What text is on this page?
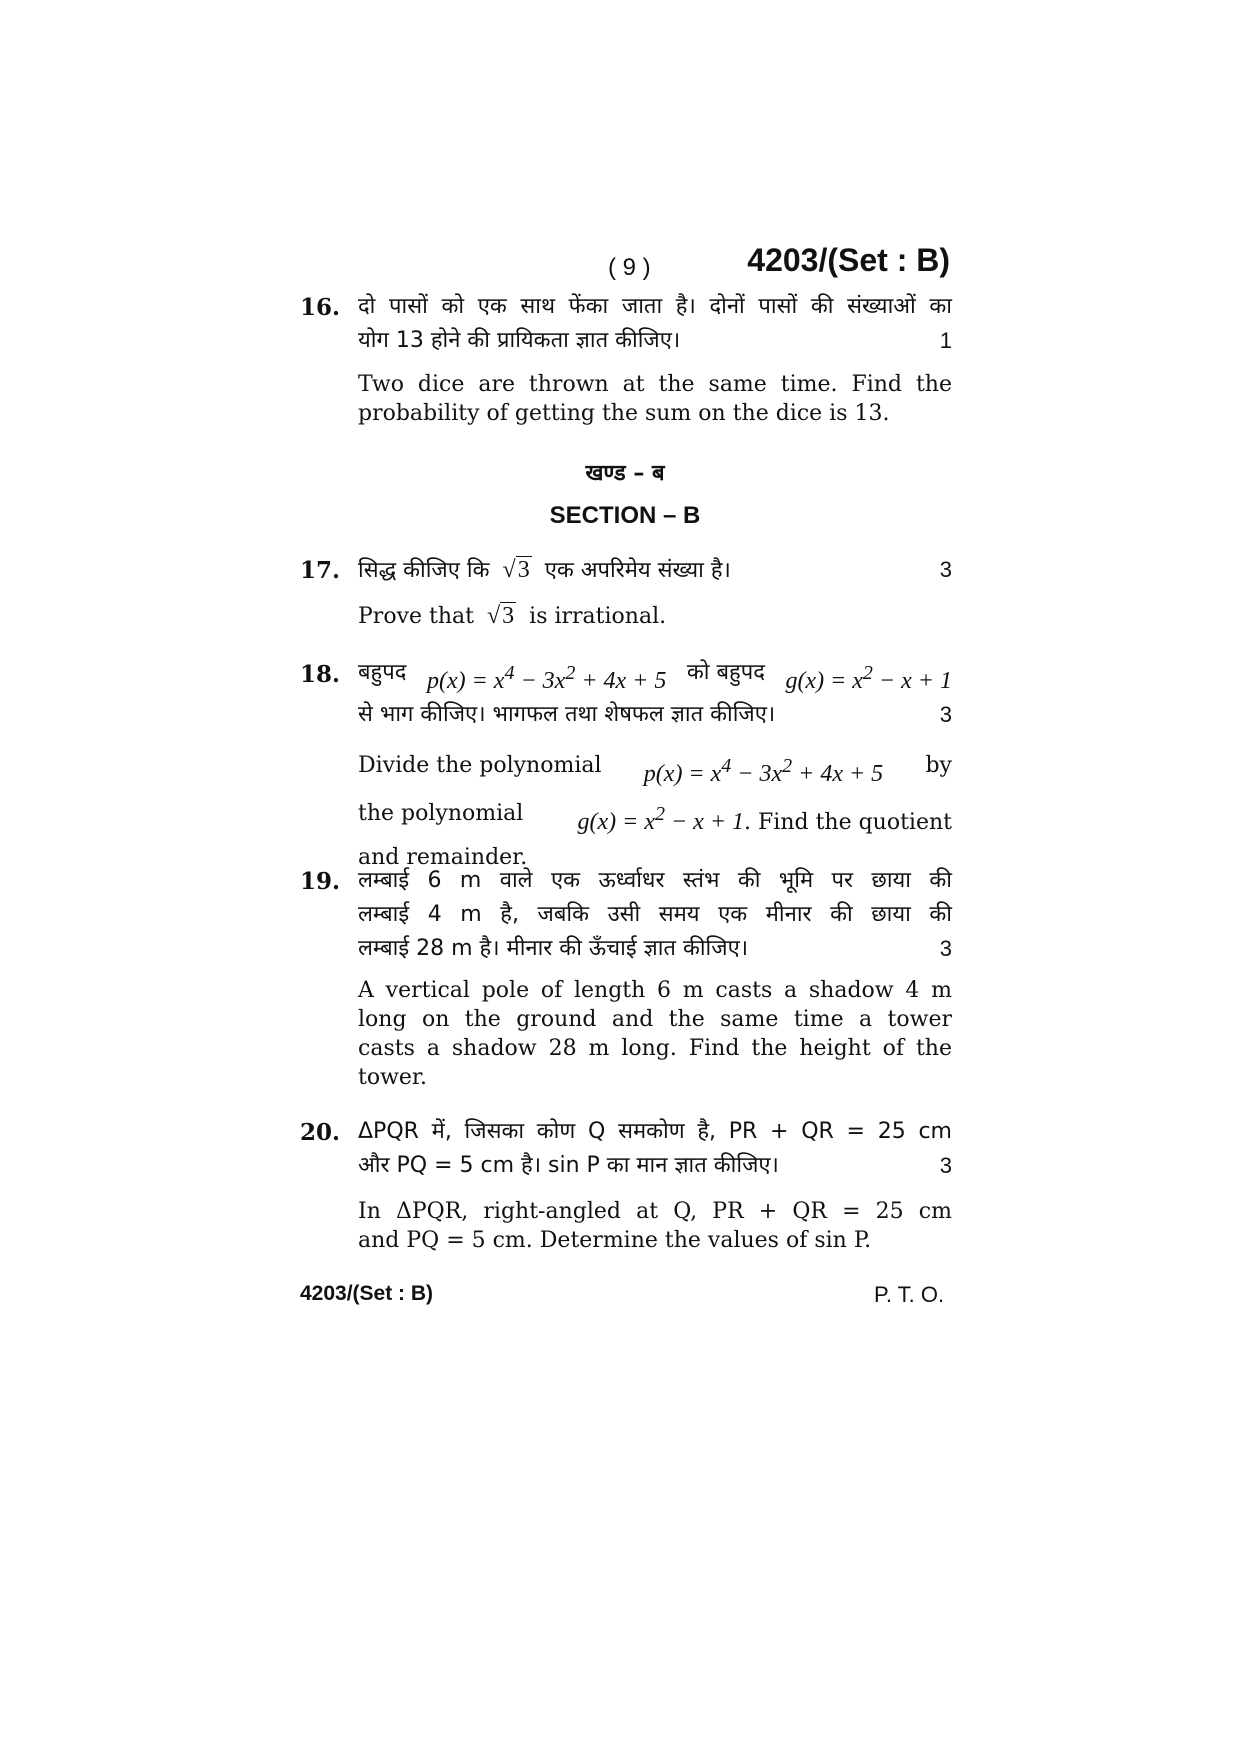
( 9 )	4203/(Set : B)
16. दो पासों को एक साथ फेंका जाता है। दोनों पासों की संख्याओं का
योग 13 होने की प्रायिकता ज्ञात कीजिए।	1
Two dice are thrown at the same time. Find the
probability of getting the sum on the dice is 13.
खण्ड – ब
SECTION – B
17. सिद्ध कीजिए कि  √3 एक अपरिमेय संख्या है।	3
Prove that  √3 is irrational.
18. बहुपद $p(x) = x^4 - 3x^2 + 4x + 5$ को बहुपद $g(x) = x^2 - x + 1$
से भाग कीजिए। भागफल तथा शेषफल ज्ञात कीजिए।	3
Divide the polynomial $p(x) = x^4 - 3x^2 + 4x + 5$ by
the polynomial $g(x) = x^2 - x + 1$. Find the quotient
and remainder.
19. लम्बाई 6 m वाले एक ऊर्ध्वाधर स्तंभ की भूमि पर छाया की
लम्बाई 4 m है, जबकि उसी समय एक मीनार की छाया की
लम्बाई 28 m है। मीनार की ऊँचाई ज्ञात कीजिए।	3
A vertical pole of length 6 m casts a shadow 4 m
long on the ground and the same time a tower
casts a shadow 28 m long. Find the height of the
tower.
20. ΔPQR में, जिसका कोण Q समकोण है, PR + QR = 25 cm
और PQ = 5 cm है। sin P का मान ज्ञात कीजिए।	3
In ΔPQR, right-angled at Q, PR + QR = 25 cm
and PQ = 5 cm. Determine the values of sin P.
4203/(Set : B)	P. T. O.
